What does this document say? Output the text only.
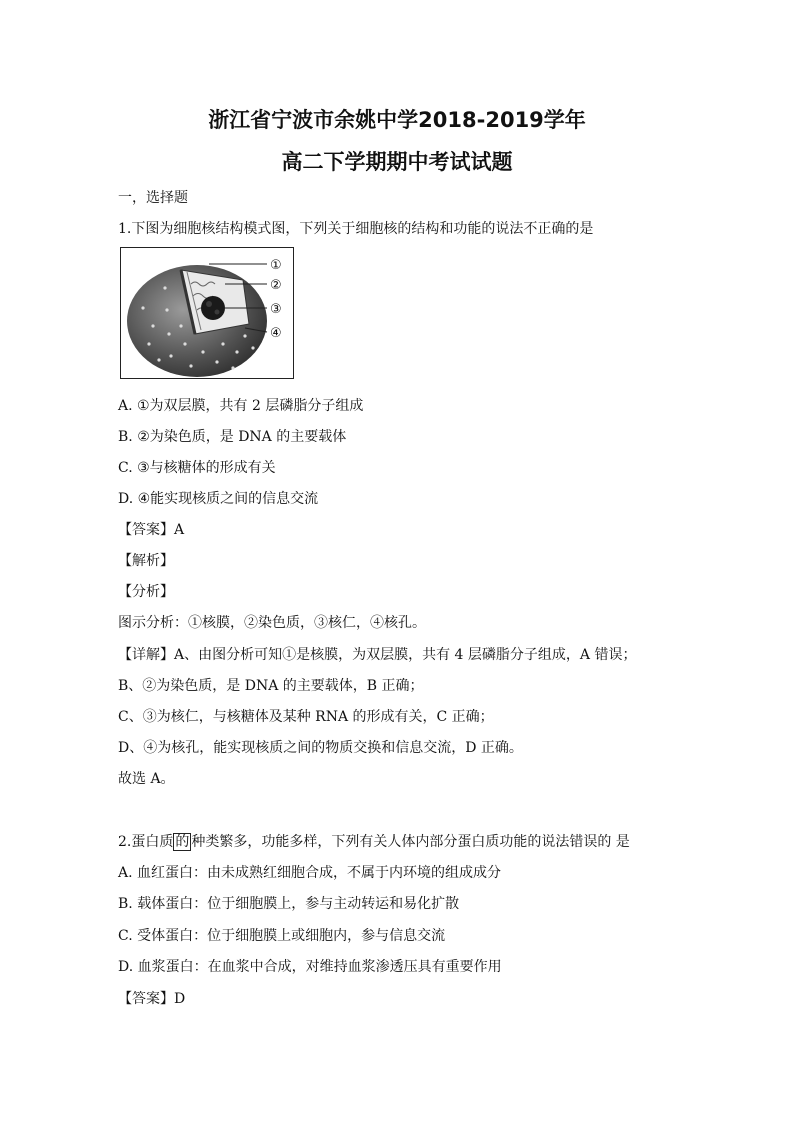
浙江省宁波市余姚中学2018-2019学年
高二下学期期中考试试题
一，选择题
1.下图为细胞核结构模式图，下列关于细胞核的结构和功能的说法不正确的是
①
②
③
④
A. ①为双层膜，共有 2 层磷脂分子组成
B. ②为染色质，是 DNA 的主要载体
C. ③与核糖体的形成有关
D. ④能实现核质之间的信息交流
【答案】A
【解析】
【分析】
图示分析：①核膜，②染色质，③核仁，④核孔。
【详解】A、由图分析可知①是核膜，为双层膜，共有 4 层磷脂分子组成，A 错误；
B、②为染色质，是 DNA 的主要载体，B 正确；
C、③为核仁，与核糖体及某种 RNA 的形成有关，C 正确；
D、④为核孔，能实现核质之间的物质交换和信息交流，D 正确。
故选 A。
2.蛋白质 的 种类繁多，功能多样，下列有关人体内部分蛋白质功能的说法错误的 是
A. 血红蛋白：由未成熟红细胞合成，不属于内环境的组成成分
B. 载体蛋白：位于细胞膜上，参与主动转运和易化扩散
C. 受体蛋白：位于细胞膜上或细胞内，参与信息交流
D. 血浆蛋白：在血浆中合成，对维持血浆渗透压具有重要作用
【答案】D
